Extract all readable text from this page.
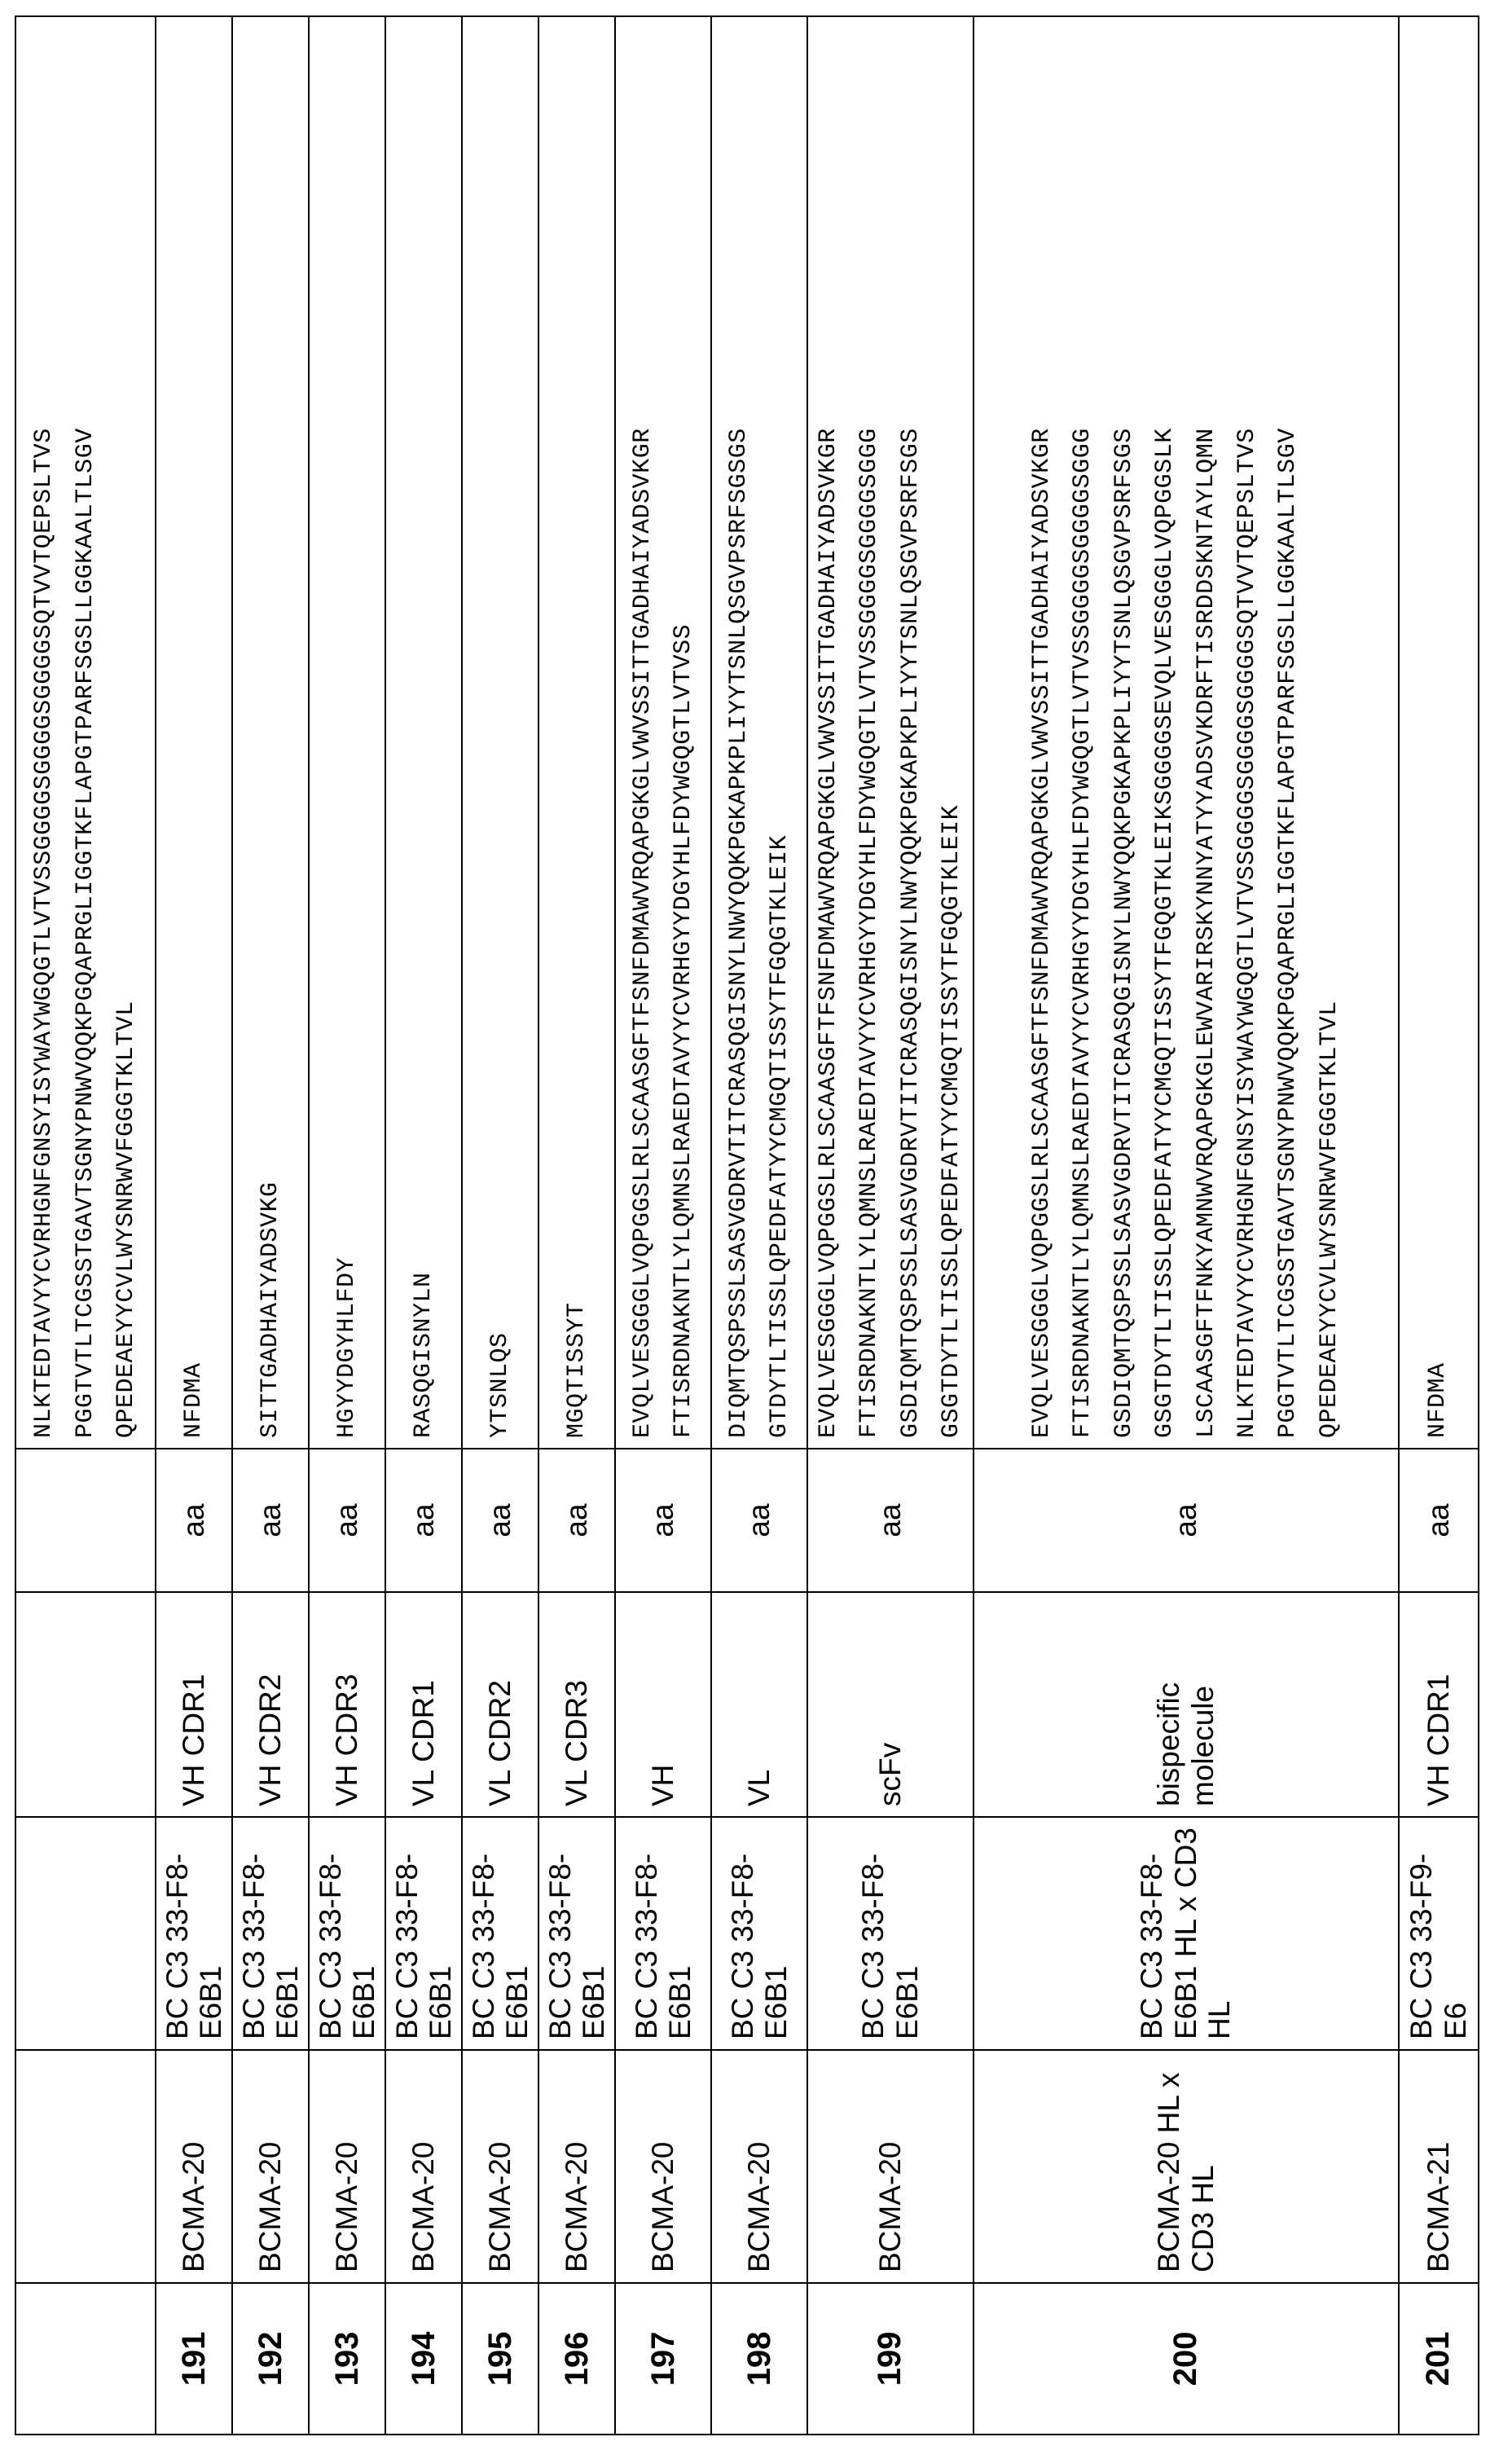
NLKTEDTAVYYCVRHGNFGNSYISYWAYWGQGTLVTVSSGGGGSGGGGSGGGGSQTVVTQEPSLTVS PGGTVTLTCGSSTGAVTSGNYPNWVQQKPGQAPRGLIGGTKFLAPGTPARFSGSLLGGKAALTLSGV QPEDEAEYYCVLWYSNRWVFGGGTKLTVL

191	BCMA-20	BC C3 33-F8-E6B1	VH CDR1	aa	
NFDMA

192	BCMA-20	BC C3 33-F8-E6B1	VH CDR2	aa	
SITTGADHAIYADSVKG

193	BCMA-20	BC C3 33-F8-E6B1	VH CDR3	aa	
HGYYDGYHLFDY

194	BCMA-20	BC C3 33-F8-E6B1	VL CDR1	aa	
RASQGISNYLN

195	BCMA-20	BC C3 33-F8-E6B1	VL CDR2	aa	
YTSNLQS

196	BCMA-20	BC C3 33-F8-E6B1	VL CDR3	aa	
MGQTISSYT

197	BCMA-20	BC C3 33-F8-E6B1	VH	aa	
EVQLVESGGGLVQPGGSLRLSCAASGFTFSNFDMAWVRQAPGKGLVWVSSITTGADHAIYADSVKGR FTISRDNAKNTLYLQMNSLRAEDTAVYYCVRHGYYDGYHLFDYWGQGTLVTVSS

198	BCMA-20	BC C3 33-F8-E6B1	VL	aa	
DIQMTQSPSSLSASVGDRVTITCRASQGISNYLNWYQQKPGKAPKPLIYYTSNLQSGVPSRFSGSGS GTDYTLTISSLQPEDFATYYCMGQTISSYTFGQGTKLEIK

199	BCMA-20	BC C3 33-F8-E6B1	scFv	aa	
EVQLVESGGGLVQPGGSLRLSCAASGFTFSNFDMAWVRQAPGKGLVWVSSITTGADHAIYADSVKGR FTISRDNAKNTLYLQMNSLRAEDTAVYYCVRHGYYDGYHLFDYWGQGTLVTVSSGGGGSGGGGSGGG GSDIQMTQSPSSLSASVGDRVTITCRASQGISNYLNWYQQKPGKAPKPLIYYTSNLQSGVPSRFSGS GSGTDYTLTISSLQPEDFATYYCMGQTISSYTFGQGTKLEIK

200	BCMA-20 HL x CD3 HL	BC C3 33-F8-E6B1 HL x CD3 HL	bispecific molecule	aa	
EVQLVESGGGLVQPGGSLRLSCAASGFTFSNFDMAWVRQAPGKGLVWVSSITTGADHAIYADSVKGR FTISRDNAKNTLYLQMNSLRAEDTAVYYCVRHGYYDGYHLFDYWGQGTLVTVSSGGGGSGGGGSGGG GSDIQMTQSPSSLSASVGDRVTITCRASQGISNYLNWYQQKPGKAPKPLIYYTSNLQSGVPSRFSGS GSGTDYTLTISSLQPEDFATYYCMGQTISSYTFGQGTKLEIKSGGGGSEVQLVESGGGLVQPGGSLK LSCAASGFTFNKYAMNWVRQAPGKGLEWVARIRSKYNNYATYYADSVKDRFTISRDDSKNTAYLQMN NLKTEDTAVYYCVRHGNFGNSYISYWAYWGQGTLVTVSSGGGGSGGGGSGGGGSQTVVTQEPSLTVS PGGTVTLTCGSSTGAVTSGNYPNWVQQKPGQAPRGLIGGTKFLAPGTPARFSGSLLGGKAALTLSGV QPEDEAEYYCVLWYSNRWVFGGGTKLTVL

201	BCMA-21	BC C3 33-F9-E6	VH CDR1	aa	
NFDMA
